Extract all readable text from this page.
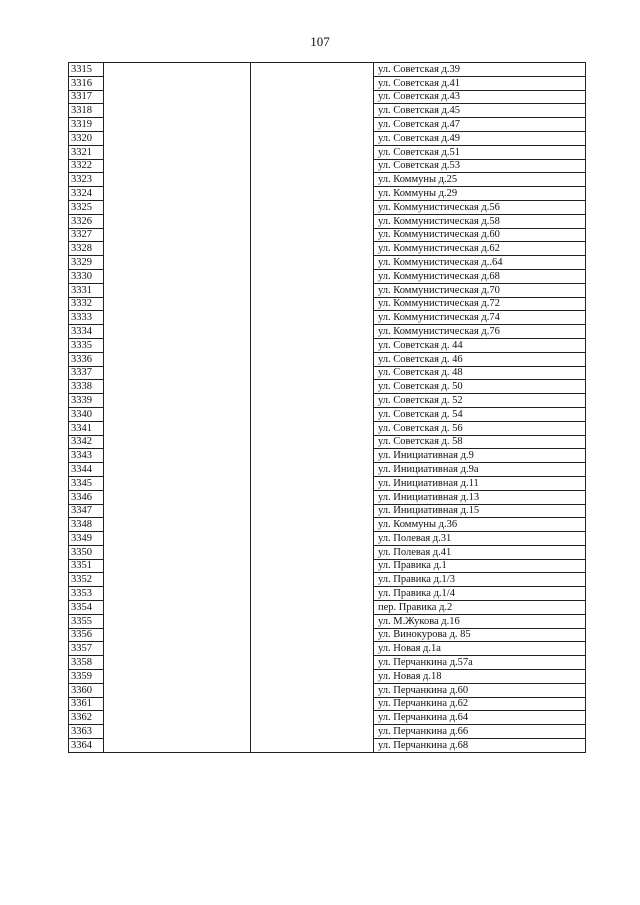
107
3315			ул. Советская д.39
3316			ул. Советская д.41
3317			ул. Советская д.43
3318			ул. Советская д.45
3319			ул. Советская д.47
3320			ул. Советская д.49
3321			ул. Советская д.51
3322			ул. Советская д.53
3323			ул. Коммуны д.25
3324			ул. Коммуны д.29
3325			ул. Коммунистическая д.56
3326			ул. Коммунистическая д.58
3327			ул. Коммунистическая д.60
3328			ул. Коммунистическая д.62
3329			ул. Коммунистическая д..64
3330			ул. Коммунистическая д.68
3331			ул. Коммунистическая д.70
3332			ул. Коммунистическая д.72
3333			ул. Коммунистическая д.74
3334			ул. Коммунистическая д.76
3335			ул. Советская д. 44
3336			ул. Советская д. 46
3337			ул. Советская д. 48
3338			ул. Советская д. 50
3339			ул. Советская д. 52
3340			ул. Советская д. 54
3341			ул. Советская д. 56
3342			ул. Советская д. 58
3343			ул. Инициативная д.9
3344			ул. Инициативная д.9а
3345			ул. Инициативная д.11
3346			ул. Инициативная д.13
3347			ул. Инициативная д.15
3348			ул. Коммуны д.36
3349			ул. Полевая д.31
3350			ул. Полевая д.41
3351			ул. Правика д.1
3352			ул. Правика д.1/3
3353			ул. Правика д.1/4
3354			пер. Правика д.2
3355			ул. М.Жукова д.16
3356			ул. Винокурова д. 85
3357			ул. Новая д.1а
3358			ул. Перчанкина д.57а
3359			ул. Новая д.18
3360			ул. Перчанкина д.60
3361			ул. Перчанкина д.62
3362			ул. Перчанкина д.64
3363			ул. Перчанкина д.66
3364			ул. Перчанкина д.68
